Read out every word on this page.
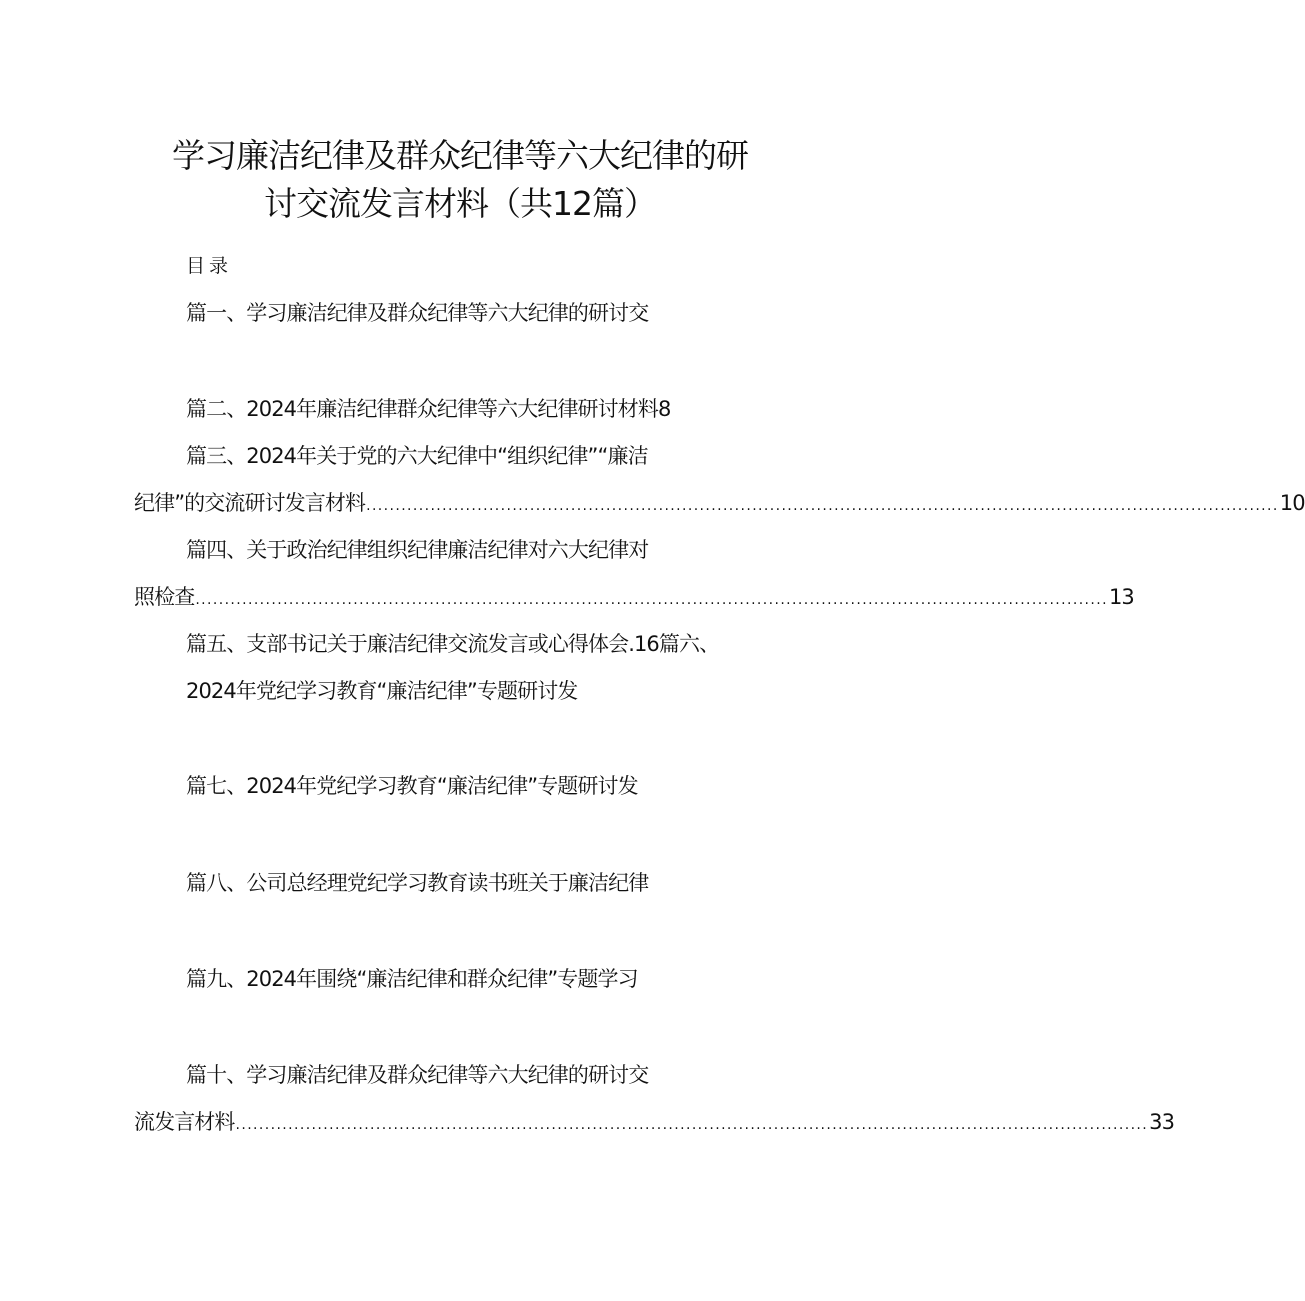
学习廉洁纪律及群众纪律等六大纪律的研
讨交流发言材料（共12篇）
目录
篇一、学习廉洁纪律及群众纪律等六大纪律的研讨交
篇二、2024年廉洁纪律群众纪律等六大纪律研讨材料8
篇三、2024年关于党的六大纪律中“组织纪律”“廉洁
纪律”的交流研讨发言材料 ............................................................................................................................................................ 10
篇四、关于政治纪律组织纪律廉洁纪律对六大纪律对
照检查 ............................................................................................................................................................ 13
篇五、支部书记关于廉洁纪律交流发言或心得体会.16篇六、
2024年党纪学习教育“廉洁纪律”专题研讨发
篇七、2024年党纪学习教育“廉洁纪律”专题研讨发
篇八、公司总经理党纪学习教育读书班关于廉洁纪律
篇九、2024年围绕“廉洁纪律和群众纪律”专题学习
篇十、学习廉洁纪律及群众纪律等六大纪律的研讨交
流发言材料 ............................................................................................................................................................ 33
